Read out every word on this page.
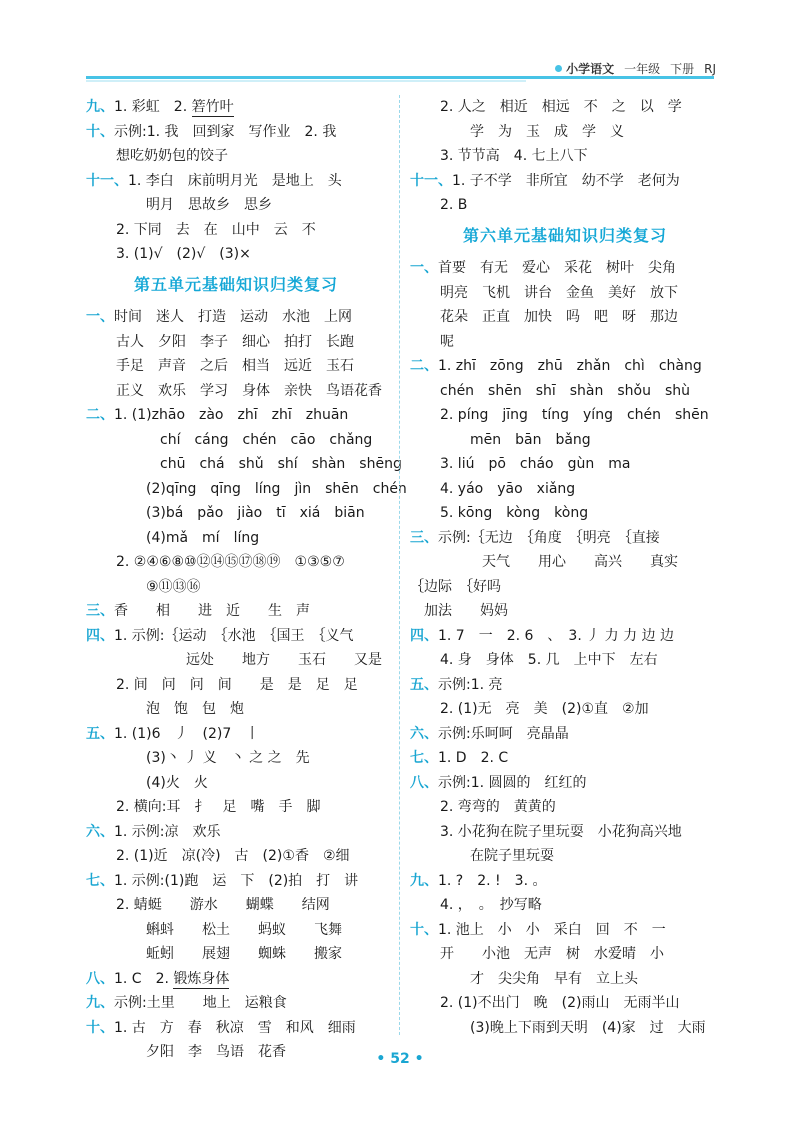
小学语文 一年级 下册 RJ
九、1. 彩虹　2. 箬竹叶
十、示例:1. 我　回到家　写作业　2. 我
想吃奶奶包的饺子
十一、1. 李白　床前明月光　是地上　头
明月　思故乡　思乡
2. 下同　去　在　山中　云　不
3. (1)√　(2)√　(3)×
第五单元基础知识归类复习
一、时间　迷人　打造　运动　水池　上网
古人　夕阳　李子　细心　拍打　长跑
手足　声音　之后　相当　远近　玉石
正义　欢乐　学习　身体　亲快　鸟语花香
二、1. (1)zhāo　zào　zhī　zhī　zhuān
chí　cáng　chén　cāo　chǎng
chū　chá　shǔ　shí　shàn　shēng
(2)qīng　qīng　líng　jìn　shēn　chén
(3)bá　pǎo　jiào　tī　xiá　biān
(4)mǎ　mí　líng
2. ②④⑥⑧⑩⑫⑭⑮⑰⑱⑲　①③⑤⑦
⑨⑪⑬⑯
三、香　　相　　进　近　　生　声
四、1. 示例:｛运动　｛水池　｛国王　｛义气
　　　　　远处　　地方　　玉石　　又是
2. 间　问　问　间　　是　是　足　足
泡　饱　包　炮
五、1. (1)6　丿　(2)7　丨
(3)丶 丿 义　丶 之 之　先
(4)火　火
2. 横向:耳　扌　足　嘴　手　脚
六、1. 示例:凉　欢乐
2. (1)近　凉(冷)　古　(2)①香　②细
七、1. 示例:(1)跑　运　下　(2)拍　打　讲
2. 蜻蜓　　游水　　蝴蝶　　结网
蝌蚪　　松土　　蚂蚁　　飞舞
蚯蚓　　展翅　　蜘蛛　　搬家
八、1. C　2. 锻炼身体
九、示例:土里　　地上　运粮食
十、1. 古　方　春　秋凉　雪　和风　细雨
夕阳　李　鸟语　花香
2. 人之　相近　相远　不　之　以　学
学　为　玉　成　学　义
3. 节节高　4. 七上八下
十一、1. 子不学　非所宜　幼不学　老何为
2. B
第六单元基础知识归类复习
一、首要　有无　爱心　采花　树叶　尖角
明亮　飞机　讲台　金鱼　美好　放下
花朵　正直　加快　吗　吧　呀　那边
呢
二、1. zhī　zōng　zhū　zhǎn　chì　chàng
chén　shēn　shī　shàn　shǒu　shù
2. píng　jīng　tíng　yíng　chén　shēn
mēn　bān　bǎng
3. liú　pō　cháo　gùn　ma
4. yáo　yāo　xiǎng
5. kōng　kòng　kòng
三、示例:｛无边　｛角度　｛明亮　｛直接
　　　天气　　用心　　高兴　　真实
｛边际　｛好吗
　加法　　妈妈
四、1. 7　一　2. 6　、　3. 丿 力 力 边 边
4. 身　身体　5. 几　上中下　左右
五、示例:1. 亮
2. (1)无　亮　美　(2)①直　②加
六、示例:乐呵呵　亮晶晶
七、1. D　2. C
八、示例:1. 圆圆的　红红的
2. 弯弯的　黄黄的
3. 小花狗在院子里玩耍　小花狗高兴地
在院子里玩耍
九、1. ?　2. !　3. 。
4. ，　。　抄写略
十、1. 池上　小　小　采白　回　不　一
开　　小池　无声　树　水爱晴　小
才　尖尖角　早有　立上头
2. (1)不出门　晚　(2)雨山　无雨半山
(3)晚上下雨到天明　(4)家　过　大雨
• 52 •
